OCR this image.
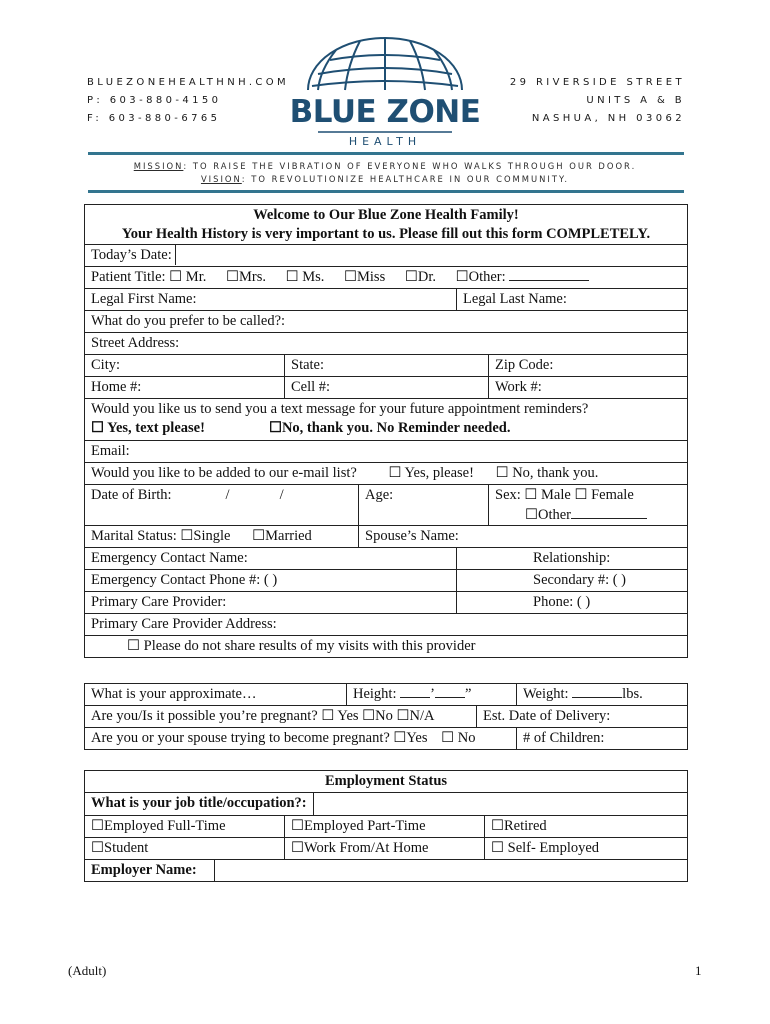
BLUEZONEHEALTHNH.COM
P: 603-880-4150
F: 603-880-6765
29 RIVERSIDE STREET
UNITS A & B
NASHUA, NH 03062
BLUE ZONE
HEALTH
MISSION: TO RAISE THE VIBRATION OF EVERYONE WHO WALKS THROUGH OUR DOOR.
VISION: TO REVOLUTIONIZE HEALTHCARE IN OUR COMMUNITY.
Welcome to Our Blue Zone Health Family!
Your Health History is very important to us. Please fill out this form COMPLETELY.				

Today’s Date:				
Patient Title: ☐ Mr. ☐Mrs. ☐ Ms. ☐Miss ☐Dr. ☐Other:				
Legal First Name:			Legal Last Name:	
What do you prefer to be called?:				
Street Address:				
City:	State:			Zip Code:
Home #:	Cell #:			Work #:

Would you like us to send you a text message for your future appointment reminders?
☐ Yes, text please! ☐No, thank you. No Reminder needed.				

Email:				
Would you like to be added to our e-mail list? ☐ Yes, please! ☐ No, thank you.				
Date of Birth: / /		Age:		Sex: ☐ Male ☐ Female
☐Other

Marital Status: ☐Single ☐Married		Spouse’s Name:		
Emergency Contact Name:			Relationship:	
Emergency Contact Phone #: ( )			Secondary #: ( )	
Primary Care Provider:			Phone: ( )	
Primary Care Provider Address:				
☐ Please do not share results of my visits with this provider				
What is your approximate…	Height: ’ ”		Weight: lbs.
Are you/Is it possible you’re pregnant? ☐ Yes ☐No ☐N/A		Est. Date of Delivery:	
Are you or your spouse trying to become pregnant? ☐Yes ☐ No			# of Children:
Employment Status			
What is your job title/occupation?:			
☐Employed Full-Time		☐Employed Part-Time	☐Retired
☐Student		☐Work From/At Home	☐ Self- Employed
Employer Name:			
(Adult)	1
